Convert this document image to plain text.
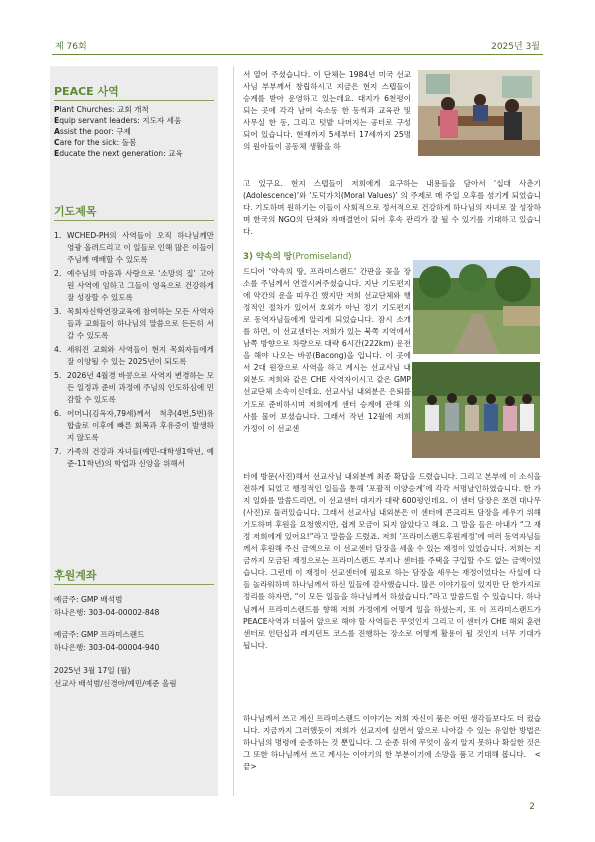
제 76회	2025년 3월
PEACE 사역
Plant Churches: 교회 개척
Equip servant leaders: 지도자 세움
Assist the poor: 구제
Care for the sick: 돌봄
Educate the next generation: 교육
기도제목
1. WCHED-PH의 사역들이 오직 하나님께만 영광 올려드리고 이 일들로 인해 많은 이들이 주님께 예배할 수 있도록
2. 예수님의 마음과 사랑으로 ‘소망의 집’ 고아원 사역에 임하고 그들이 영육으로 건강하게 잘 성장할 수 있도록
3. 목회자신학연장교육에 참여하는 모든 사역자들과 교회들이 하나님의 말씀으로 든든히 서 갈 수 있도록
4. 세워진 교회와 사역들이 현지 목회자들에게 잘 이양될 수 있는 2025년이 되도록
5. 2026년 4월경 바콩으로 사역지 변경하는 모든 일정과 준비 과정에 주님의 인도하심에 민감할 수 있도록
6. 어머니(김옥자,79세)께서 척추(4번,5번)유합술로 이후에 빠른 회복과 후유증이 발생하지 않도록
7. 가족의 건강과 자녀들(예민-대학생1학년, 예준-11학년)의 학업과 신앙을 위해서
후원계좌
예금주: GMP 배석범
하나은행: 303-04-00002-848
예금주: GMP 프라미스랜드
하나은행: 303-04-00004-940
2025년 3월 17일 (월)
선교사 배석범/신경아/예민/예준 올림

서 열어 주셨습니다. 이 단체는 1984년 미국 선교사님 부부께서 창립하시고 지금은 현지 스텝들이 승계를 받아 운영하고 있는데요. 대지가 6천평이 되는 곳에 각각 남여 숙소동 한 동씩과 교육관 및 사무실 한 동, 그리고 텃밭 나머지는 공터로 구성 되어 있습니다. 현재까지 5세부터 17세까지 25명의 원아들이 공동체 생활을 하

고 있구요. 현지 스텝들이 저희에게 요구하는 내용들을 담아서 ‘십대 사춘기(Adolescence)’와 ‘도덕가치(Moral Values)’ 의 주제로 매 주일 오후를 섬기게 되었습니다. 기도하며 원하기는 이들이 사회적으로 정서적으로 건강하게 하나님의 자녀로 잘 성장하며 한국의 NGO의 단체와 자매결연이 되어 후속 관리가 잘 될 수 있기를 기대하고 있습니다.

3) 약속의 땅(Promiseland)

드디어 ‘약속의 땅, 프라미스랜드’ 간판을 꽂을 장소를 주님께서 연결시켜주셨습니다. 지난 기도편지에 약간의 운을 띠우긴 했지만 저희 선교단체와 행정적인 절차가 있어서 호외가 아닌 정기 기도편지로 동역자님들에게 알리게 되었습니다. 잠시 소개를 하면, 이 선교센터는 저희가 있는 북쪽 지역에서 남쪽 방향으로 차량으로 대략 6시간(222km) 운전을 해야 나오는 바콩(Bacong)을 입니다. 이 곳에서 2대 원장으로 사역을 하고 계시는 선교사님 내외분도 저희와 같은 CHE 사역자이시고 같은 GMP 선교단체 소속이신데요. 선교사님 내외분은 은퇴를 기도로 준비하시며 저희에게 센터 승계에 관해 의사를 물어 보셨습니다. 그래서 작년 12월에 저희 가정이 이 선교센

터에 방문(사진)해서 선교사님 내외분께 최종 확답을 드렸습니다. 그리고 본부에 이 소식을 전하게 되었고 행정적인 일들을 통해 ‘포괄적 이양승계’에 각각 서명날인하였습니다. 한 가지 일화를 말씀드리면, 이 선교센터 대지가 대략 600평인데요. 이 센터 담장은 쪼갠 대나무(사진)로 둘러있습니다. 그래서 선교사님 내외분은 이 센터에 콘크리트 담장을 세우기 위해 기도하며 후원을 요청했지만, 쉽게 모금이 되지 않았다고 해요. 그 말을 들은 아내가 “그 재정 저희에게 있어요!”라고 말씀을 드렸죠. 저희 ‘프라미스랜드후원계정’에 여러 동역자님들께서 후원해 주신 금액으로 이 선교센터 담장을 세울 수 있는 재정이 있었습니다. 저희는 지금까지 모금된 재정으로는 프라미스랜드 부지나 센터를 주택을 구입할 수도 없는 금액이었습니다. 그런데 이 재정이 선교센터에 필요로 하는 담장을 세우는 재정이었다는 사실에 다들 놀라워하며 하나님께서 하신 일들에 감사했습니다. 많은 이야기들이 있지만 단 한가지로 정리를 하자면, “이 모든 일들을 하나님께서 하셨습니다.”라고 말씀드릴 수 있습니다. 하나님께서 프라미스랜드를 향해 저희 가정에게 어떻게 일을 하셨는지, 또 이 프라미스랜드가 PEACE사역과 더불어 앞으로 해야 할 사역들은 무엇인지 그리고 이 센터가 CHE 해외 훈련센터로 인턴십과 레지던트 코스를 진행하는 장소로 어떻게 활용이 될 것인지 너무 기대가 됩니다.

하나님께서 쓰고 계신 프라미스랜드 이야기는 저희 자신이 품은 어떤 생각들보다도 더 컸습니다. 지금까지 그러했듯이 저희가 선교지에 살면서 앞으로 나아갈 수 있는 유일한 방법은 하나님의 명령에 순종하는 것 뿐입니다. 그 순종 뒤에 무엇이 올지 알지 못하나 확실한 것은 그 또한 하나님께서 쓰고 계시는 이야기의 한 부분이기에 소망을 품고 기대해 봅니다. <끝>

2
